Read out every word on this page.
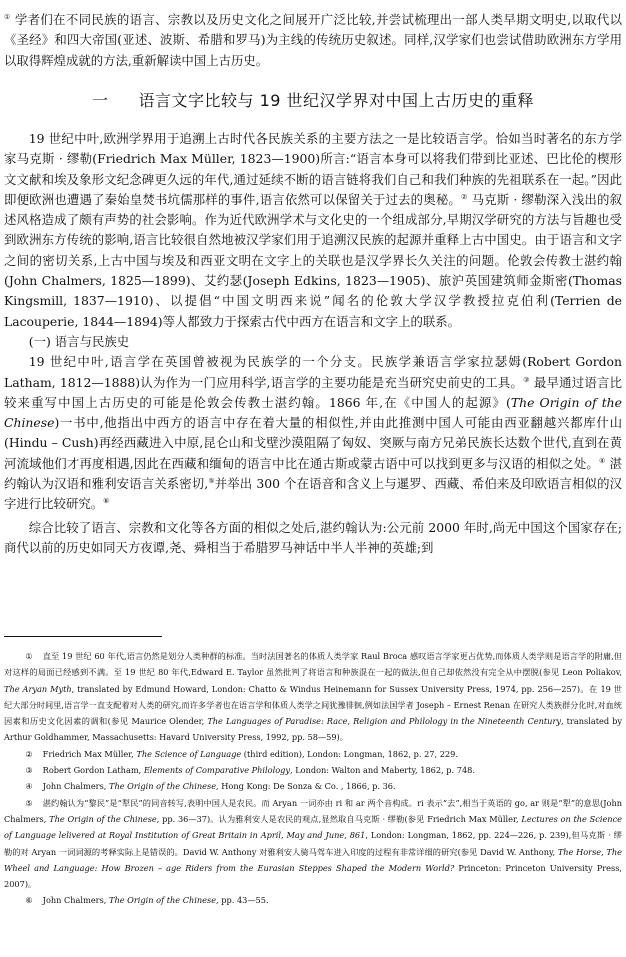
① 学者们在不同民族的语言、宗教以及历史文化之间展开广泛比较,并尝试梳理出一部人类早期文明史,以取代以《圣经》和四大帝国(亚述、波斯、希腊和罗马)为主线的传统历史叙述。同样,汉学家们也尝试借助欧洲东方学用以取得辉煌成就的方法,重新解读中国上古历史。

一 语言文字比较与 19 世纪汉学界对中国上古历史的重释

19 世纪中叶,欧洲学界用于追溯上古时代各民族关系的主要方法之一是比较语言学。恰如当时著名的东方学家马克斯 · 缪勒(Friedrich Max Müller, 1823—1900)所言:“语言本身可以将我们带到比亚述、巴比伦的楔形文文献和埃及象形文纪念碑更久远的年代,通过延续不断的语言链将我们自己和我们种族的先祖联系在一起。”因此即便欧洲也遭遇了秦始皇焚书坑儒那样的事件,语言依然可以保留关于过去的奥秘。② 马克斯 · 缪勒深入浅出的叙述风格造成了颇有声势的社会影响。作为近代欧洲学术与文化史的一个组成部分,早期汉学研究的方法与旨趣也受到欧洲东方传统的影响,语言比较很自然地被汉学家们用于追溯汉民族的起源并重释上古中国史。由于语言和文字之间的密切关系,上古中国与埃及和西亚文明在文字上的关联也是汉学界长久关注的问题。伦敦会传教士湛约翰(John Chalmers, 1825—1899)、艾约瑟(Joseph Edkins, 1823—1905)、旅沪英国建筑师金斯密(Thomas Kingsmill, 1837—1910)、以提倡“中国文明西来说”闻名的伦敦大学汉学教授拉克伯利(Terrien de Lacouperie, 1844—1894)等人都致力于探索古代中西方在语言和文字上的联系。

(一) 语言与民族史

19 世纪中叶,语言学在英国曾被视为民族学的一个分支。民族学兼语言学家拉瑟姆(Robert Gordon Latham, 1812—1888)认为作为一门应用科学,语言学的主要功能是充当研究史前史的工具。③ 最早通过语言比较来重写中国上古历史的可能是伦敦会传教士湛约翰。1866 年,在《中国人的起源》(The Origin of the Chinese)一书中,他指出中西方的语言中存在着大量的相似性,并由此推测中国人可能由西亚翻越兴都库什山(Hindu – Cush)再经西藏进入中原,昆仑山和戈壁沙漠阻隔了匈奴、突厥与南方兄弟民族长达数个世代,直到在黄河流域他们才再度相遇,因此在西藏和缅甸的语言中比在通古斯或蒙古语中可以找到更多与汉语的相似之处。④ 湛约翰认为汉语和雅利安语言关系密切,⑤并举出 300 个在语音和含义上与暹罗、西藏、希伯来及印欧语言相似的汉字进行比较研究。⑥

综合比较了语言、宗教和文化等各方面的相似之处后,湛约翰认为:公元前 2000 年时,尚无中国这个国家存在;商代以前的历史如同天方夜谭,尧、舜相当于希腊罗马神话中半人半神的英雄;到

① 直至 19 世纪 60 年代,语言仍然是划分人类种群的标准。当时法国著名的体质人类学家 Raul Broca 感叹语言学家更占优势,而体质人类学则是语言学的附庸,但对这样的局面已经感到不满。至 19 世纪 80 年代,Edward E. Taylor 虽然批判了将语言和种族混在一起的做法,但自己却依然没有完全从中摆脱(参见 Leon Poliakov, The Aryan Myth, translated by Edmund Howard, London: Chatto & Windus Heinemann for Sussex University Press, 1974, pp. 256—257)。在 19 世纪大部分时间里,语言学一直支配着对人类的研究,而许多学者也在语言学和体质人类学之间犹豫徘徊,例如法国学者 Joseph – Ernest Renan 在研究人类族群分化时,对血统因素和历史文化因素的调和(参见 Maurice Olender, The Languages of Paradise: Race, Religion and Philology in the Nineteenth Century, translated by Arthur Goldhammer, Massachusetts: Havard University Press, 1992, pp. 58—59)。

② Friedrich Max Müller, The Science of Language (third edition), London: Longman, 1862, p. 27, 229.

③ Robert Gordon Latham, Elements of Comparative Philology, London: Walton and Maberty, 1862, p. 748.

④ John Chalmers, The Origin of the Chinese, Hong Kong: De Sonza & Co. , 1866, p. 36.

⑤ 湛约翰认为“黎民”是“犁民”的同音转写,表明中国人是农民。而 Aryan 一词亦由 ri 和 ar 两个音构成。ri 表示“去”,相当于英语的 go, ar 则是“犁”的意思(John Chalmers, The Origin of the Chinese, pp. 36—37)。认为雅利安人是农民的观点,显然取自马克斯 · 缪勒(参见 Friedrich Max Müller, Lectures on the Science of Language lelivered at Royal Institution of Great Britain in April, May and June, 861, London: Longman, 1862, pp. 224—226, p. 239),但马克斯 · 缪勒的对 Aryan 一词词源的考释实际上是错误的。David W. Anthony 对雅利安人骑马驾车进入印度的过程有非常详细的研究(参见 David W. Anthony, The Horse, The Wheel and Language: How Brozen – age Riders from the Eurasian Steppes Shaped the Modern World? Princeton: Princeton University Press, 2007)。

⑥ John Chalmers, The Origin of the Chinese, pp. 43—55.
